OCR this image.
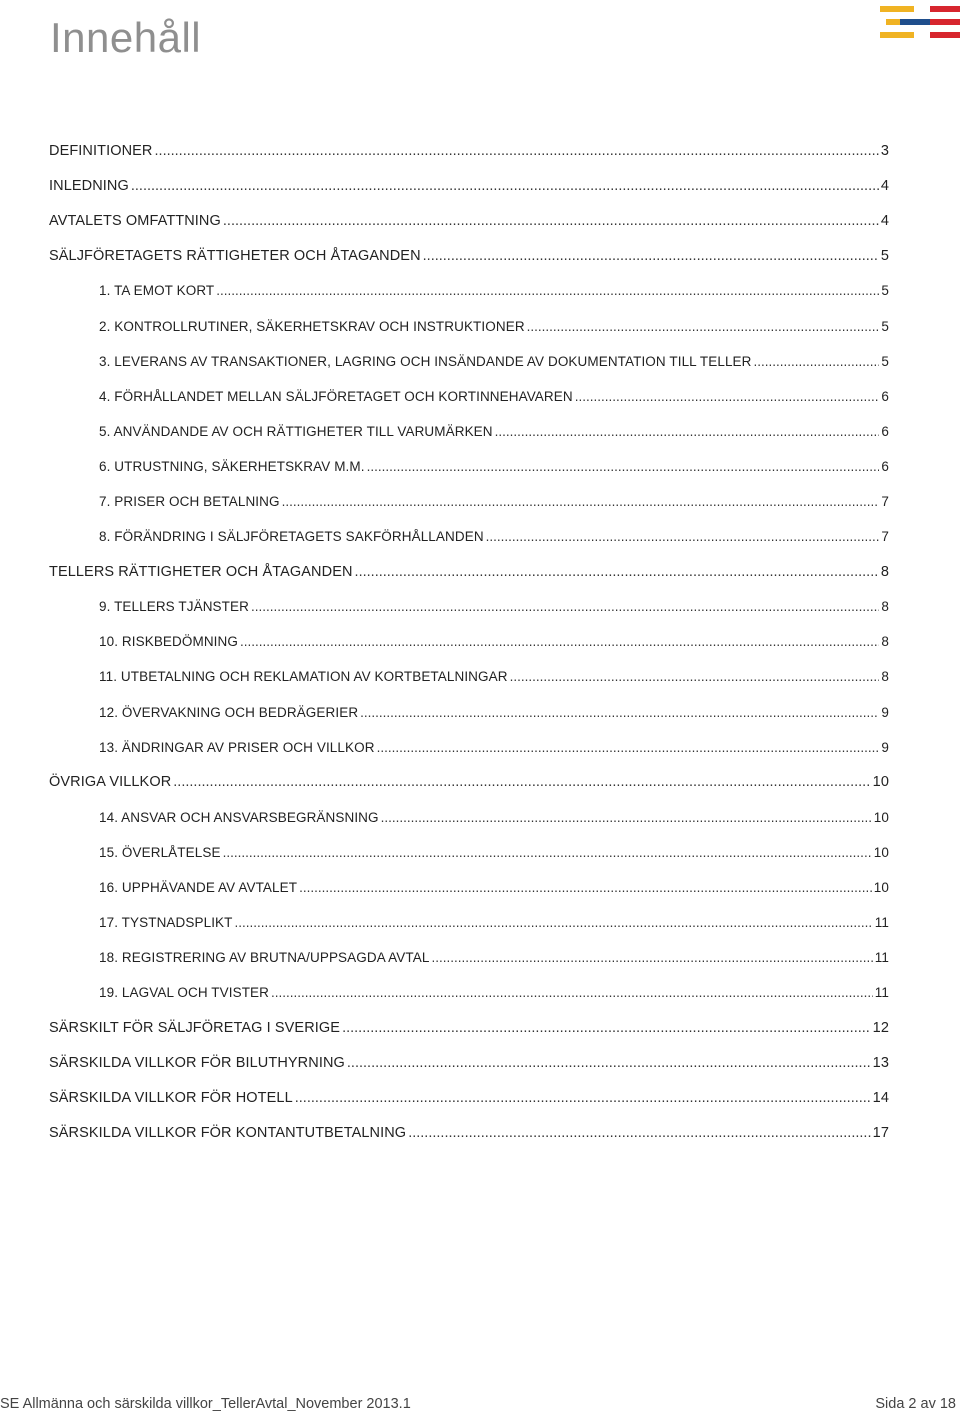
Innehåll
DEFINITIONER .....	3
INLEDNING .....	4
AVTALETS OMFATTNING .....	4
SÄLJFÖRETAGETS RÄTTIGHETER OCH ÅTAGANDEN .....	5
1. TA EMOT KORT .....	5
2. KONTROLLRUTINER, SÄKERHETSKRAV OCH INSTRUKTIONER .....	5
3. LEVERANS AV TRANSAKTIONER, LAGRING OCH INSÄNDANDE AV DOKUMENTATION TILL TELLER .....	5
4. FÖRHÅLLANDET MELLAN SÄLJFÖRETAGET OCH KORTINNEHAVAREN .....	6
5. ANVÄNDANDE AV OCH RÄTTIGHETER TILL VARUMÄRKEN .....	6
6. UTRUSTNING, SÄKERHETSKRAV M.M. .....	6
7. PRISER OCH BETALNING .....	7
8. FÖRÄNDRING I SÄLJFÖRETAGETS SAKFÖRHÅLLANDEN .....	7
TELLERS RÄTTIGHETER OCH ÅTAGANDEN .....	8
9. TELLERS TJÄNSTER .....	8
10. RISKBEDÖMNING .....	8
11. UTBETALNING OCH REKLAMATION AV KORTBETALNINGAR .....	8
12. ÖVERVAKNING OCH BEDRÄGERIER .....	9
13. ÄNDRINGAR AV PRISER OCH VILLKOR .....	9
ÖVRIGA VILLKOR .....	10
14. ANSVAR OCH ANSVARSBEGRÄNSNING .....	10
15. ÖVERLÅTELSE .....	10
16. UPPHÄVANDE AV AVTALET .....	10
17. TYSTNADSPLIKT .....	11
18. REGISTRERING AV BRUTNA/UPPSAGDA AVTAL .....	11
19. LAGVAL OCH TVISTER .....	11
SÄRSKILT FÖR SÄLJFÖRETAG I SVERIGE .....	12
SÄRSKILDA VILLKOR FÖR BILUTHYRNING .....	13
SÄRSKILDA VILLKOR FÖR HOTELL .....	14
SÄRSKILDA VILLKOR FÖR KONTANTUTBETALNING .....	17
SE Allmänna och särskilda villkor_TellerAvtal_November 2013.1	Sida 2 av 18
